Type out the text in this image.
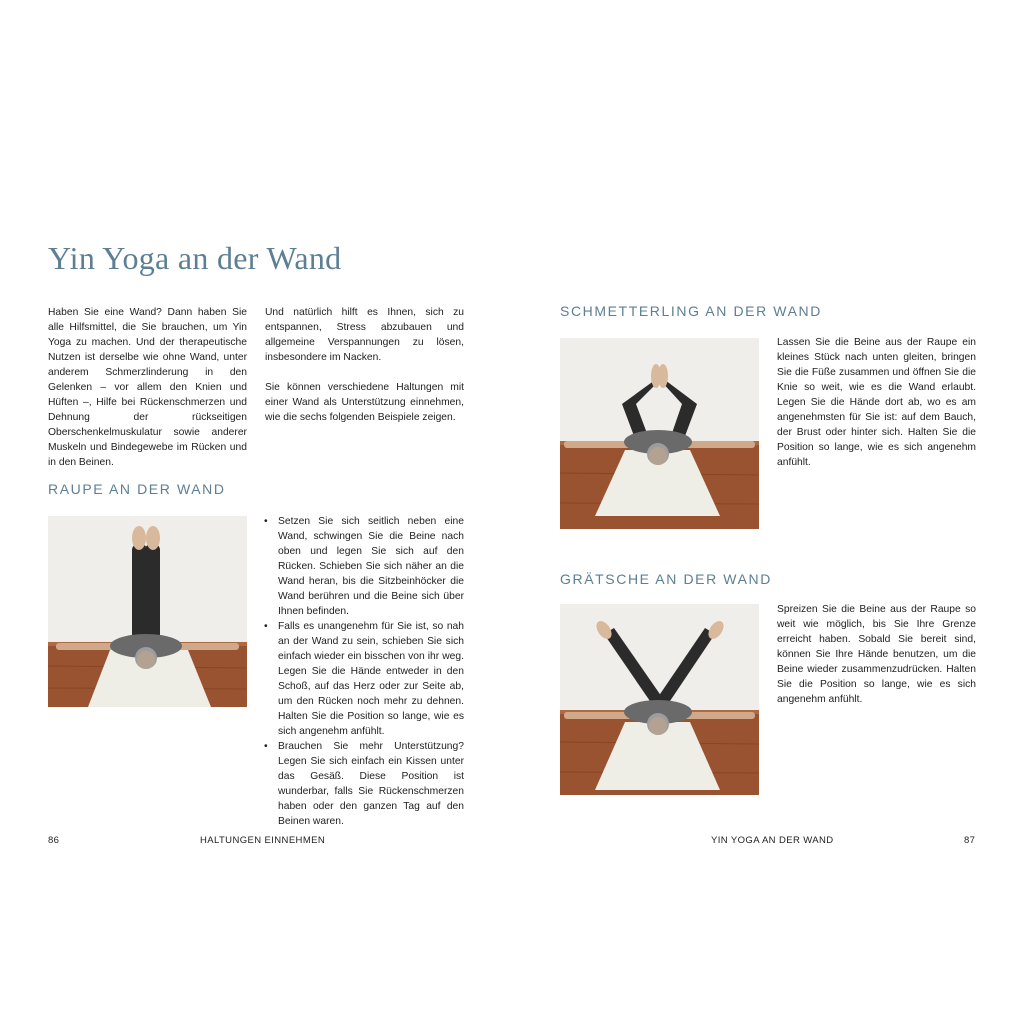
Yin Yoga an der Wand

Haben Sie eine Wand? Dann haben Sie alle Hilfsmittel, die Sie brauchen, um Yin Yoga zu machen. Und der therapeutische Nutzen ist derselbe wie ohne Wand, unter anderem Schmerzlinderung in den Gelenken – vor allem den Knien und Hüften –, Hilfe bei Rückenschmerzen und Dehnung der rückseitigen Oberschenkelmuskulatur sowie anderer Muskeln und Bindegewebe im Rücken und in den Beinen.

Und natürlich hilft es Ihnen, sich zu entspannen, Stress abzubauen und allgemeine Verspannungen zu lösen, insbesondere im Nacken.

Sie können verschiedene Haltungen mit einer Wand als Unterstützung einnehmen, wie die sechs folgenden Beispiele zeigen.

RAUPE AN DER WAND
• Setzen Sie sich seitlich neben eine Wand, schwingen Sie die Beine nach oben und legen Sie sich auf den Rücken. Schieben Sie sich näher an die Wand heran, bis die Sitzbeinhöcker die Wand berühren und die Beine sich über Ihnen befinden.
• Falls es unangenehm für Sie ist, so nah an der Wand zu sein, schieben Sie sich einfach wieder ein bisschen von ihr weg. Legen Sie die Hände entweder in den Schoß, auf das Herz oder zur Seite ab, um den Rücken noch mehr zu dehnen. Halten Sie die Position so lange, wie es sich angenehm anfühlt.
• Brauchen Sie mehr Unterstützung? Legen Sie sich einfach ein Kissen unter das Gesäß. Diese Position ist wunderbar, falls Sie Rückenschmerzen haben oder den ganzen Tag auf den Beinen waren.
SCHMETTERLING AN DER WAND

Lassen Sie die Beine aus der Raupe ein kleines Stück nach unten gleiten, bringen Sie die Füße zusammen und öffnen Sie die Knie so weit, wie es die Wand erlaubt. Legen Sie die Hände dort ab, wo es am angenehmsten für Sie ist: auf dem Bauch, der Brust oder hinter sich. Halten Sie die Position so lange, wie es sich angenehm anfühlt.

GRÄTSCHE AN DER WAND

Spreizen Sie die Beine aus der Raupe so weit wie möglich, bis Sie Ihre Grenze erreicht haben. Sobald Sie bereit sind, können Sie Ihre Hände benutzen, um die Beine wieder zusammenzudrücken. Halten Sie die Position so lange, wie es sich angenehm anfühlt.

86	HALTUNGEN EINNEHMEN	YIN YOGA AN DER WAND	87
